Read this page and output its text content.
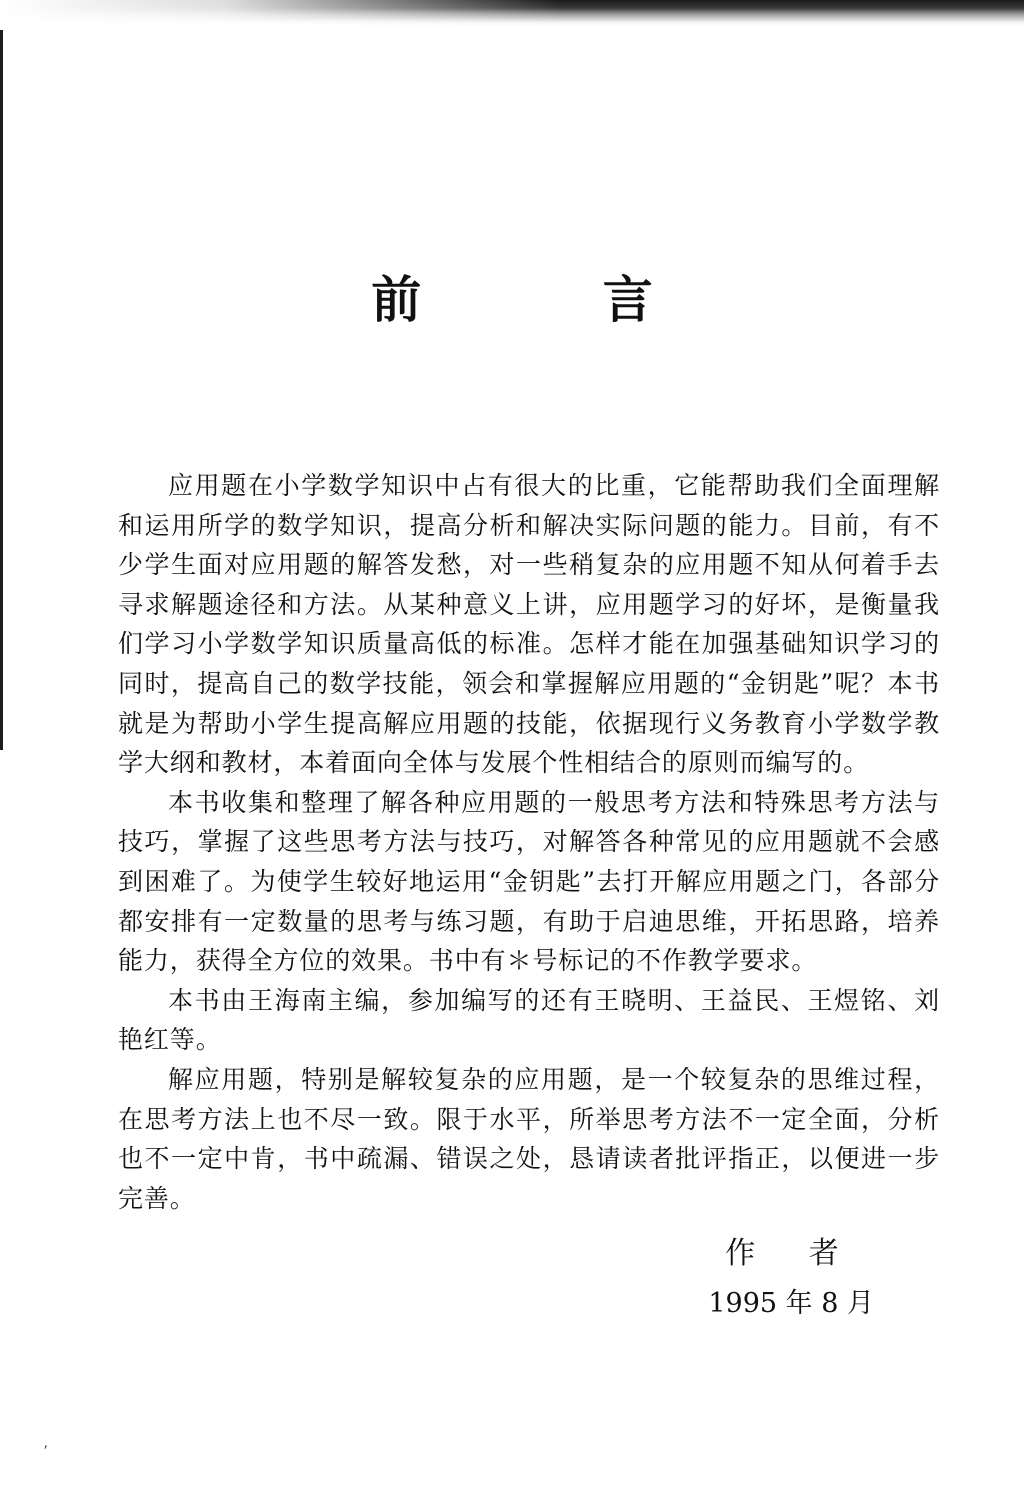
⸴
前 言

应用题在小学数学知识中占有很大的比重，它能帮助我们全面理解和运用所学的数学知识，提高分析和解决实际问题的能力。目前，有不少学生面对应用题的解答发愁，对一些稍复杂的应用题不知从何着手去寻求解题途径和方法。从某种意义上讲，应用题学习的好坏，是衡量我们学习小学数学知识质量高低的标准。怎样才能在加强基础知识学习的同时，提高自己的数学技能，领会和掌握解应用题的“金钥匙”呢？本书就是为帮助小学生提高解应用题的技能，依据现行义务教育小学数学教学大纲和教材，本着面向全体与发展个性相结合的原则而编写的。

本书收集和整理了解各种应用题的一般思考方法和特殊思考方法与技巧，掌握了这些思考方法与技巧，对解答各种常见的应用题就不会感到困难了。为使学生较好地运用“金钥匙”去打开解应用题之门，各部分都安排有一定数量的思考与练习题，有助于启迪思维，开拓思路，培养能力，获得全方位的效果。书中有＊号标记的不作教学要求。

本书由王海南主编，参加编写的还有王晓明、王益民、王煜铭、刘艳红等。

解应用题，特别是解较复杂的应用题，是一个较复杂的思维过程，在思考方法上也不尽一致。限于水平，所举思考方法不一定全面，分析也不一定中肯，书中疏漏、错误之处，恳请读者批评指正，以便进一步完善。

作 者
1995 年 8 月
